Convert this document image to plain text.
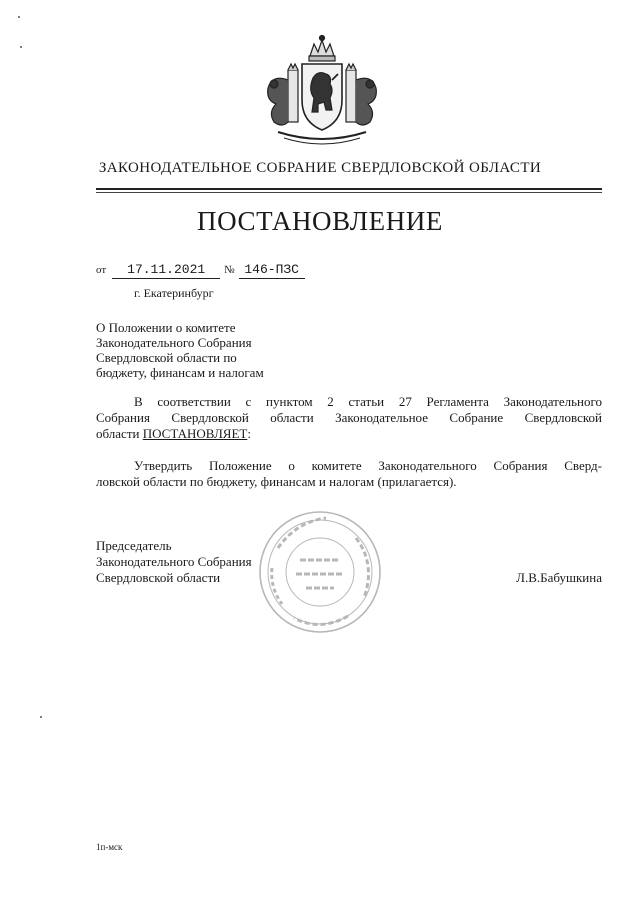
ЗАКОНОДАТЕЛЬНОЕ СОБРАНИЕ СВЕРДЛОВСКОЙ ОБЛАСТИ
ПОСТАНОВЛЕНИЕ
от 17.11.2021 № 146-ПЗС
г. Екатеринбург
О Положении о комитете
Законодательного Собрания
Свердловской области по
бюджету, финансам и налогам
В соответствии с пунктом 2 статьи 27 Регламента Законодательного
Собрания Свердловской области Законодательное Собрание Свердловской
области ПОСТАНОВЛЯЕТ:
Утвердить Положение о комитете Законодательного Собрания Сверд-
ловской области по бюджету, финансам и налогам (прилагается).
Председатель
Законодательного Собрания
Свердловской области	Л.В.Бабушкина
1п-мск
